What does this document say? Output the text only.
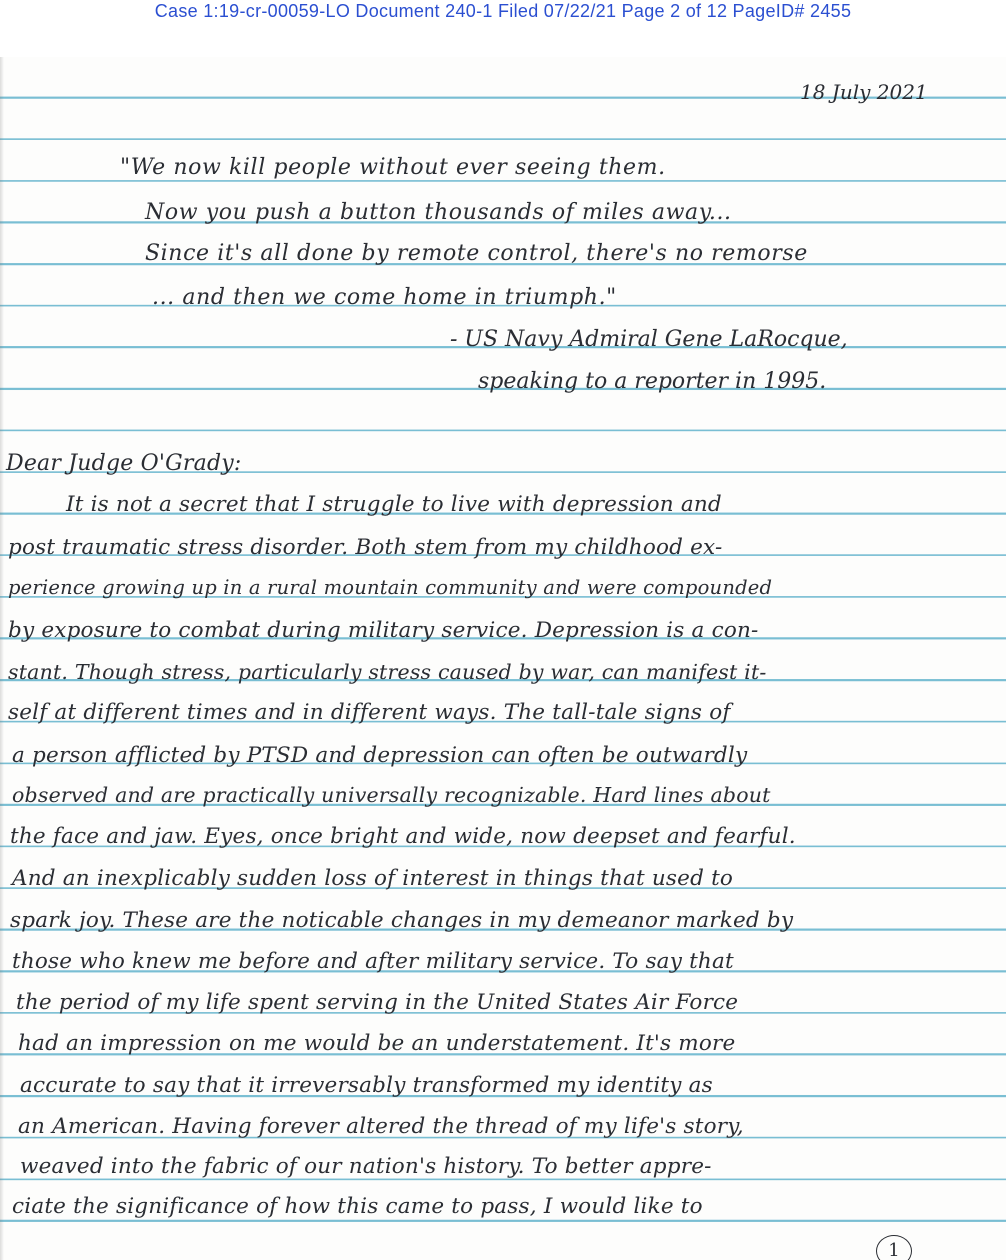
Case 1:19-cr-00059-LO Document 240-1 Filed 07/22/21 Page 2 of 12 PageID# 2455
18 July 2021
"We now kill people without ever seeing them.
Now you push a button thousands of miles away...
Since it's all done by remote control, there's no remorse
... and then we come home in triumph."
- US Navy Admiral Gene LaRocque,
speaking to a reporter in 1995.
Dear Judge O'Grady:
It is not a secret that I struggle to live with depression and
post traumatic stress disorder. Both stem from my childhood ex-
perience growing up in a rural mountain community and were compounded
by exposure to combat during military service. Depression is a con-
stant. Though stress, particularly stress caused by war, can manifest it-
self at different times and in different ways. The tall-tale signs of
a person afflicted by PTSD and depression can often be outwardly
observed and are practically universally recognizable. Hard lines about
the face and jaw. Eyes, once bright and wide, now deepset and fearful.
And an inexplicably sudden loss of interest in things that used to
spark joy. These are the noticable changes in my demeanor marked by
those who knew me before and after military service. To say that
the period of my life spent serving in the United States Air Force
had an impression on me would be an understatement. It's more
accurate to say that it irreversably transformed my identity as
an American. Having forever altered the thread of my life's story,
weaved into the fabric of our nation's history. To better appre-
ciate the significance of how this came to pass, I would like to
1
